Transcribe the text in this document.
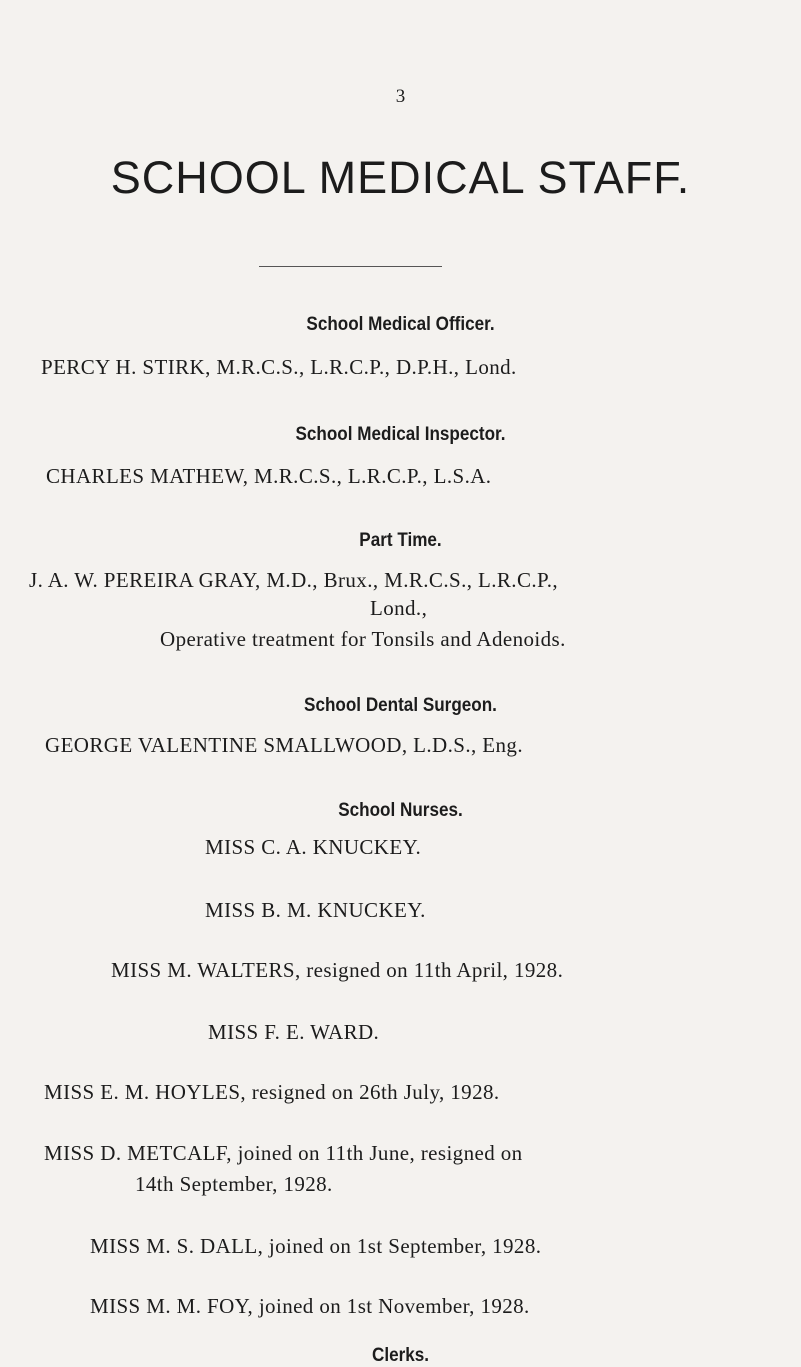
3
SCHOOL MEDICAL STAFF.
School Medical Officer.
PERCY H. STIRK, M.R.C.S., L.R.C.P., D.P.H., Lond.
School Medical Inspector.
CHARLES MATHEW, M.R.C.S., L.R.C.P., L.S.A.
Part Time.
J. A. W. PEREIRA GRAY, M.D., Brux., M.R.C.S., L.R.C.P.,
Lond.,
Operative treatment for Tonsils and Adenoids.
School Dental Surgeon.
GEORGE VALENTINE SMALLWOOD, L.D.S., Eng.
School Nurses.
MISS C. A. KNUCKEY.
MISS B. M. KNUCKEY.
MISS M. WALTERS, resigned on 11th April, 1928.
MISS F. E. WARD.
MISS E. M. HOYLES, resigned on 26th July, 1928.
MISS D. METCALF, joined on 11th June, resigned on
14th September, 1928.
MISS M. S. DALL, joined on 1st September, 1928.
MISS M. M. FOY, joined on 1st November, 1928.
Clerks.
